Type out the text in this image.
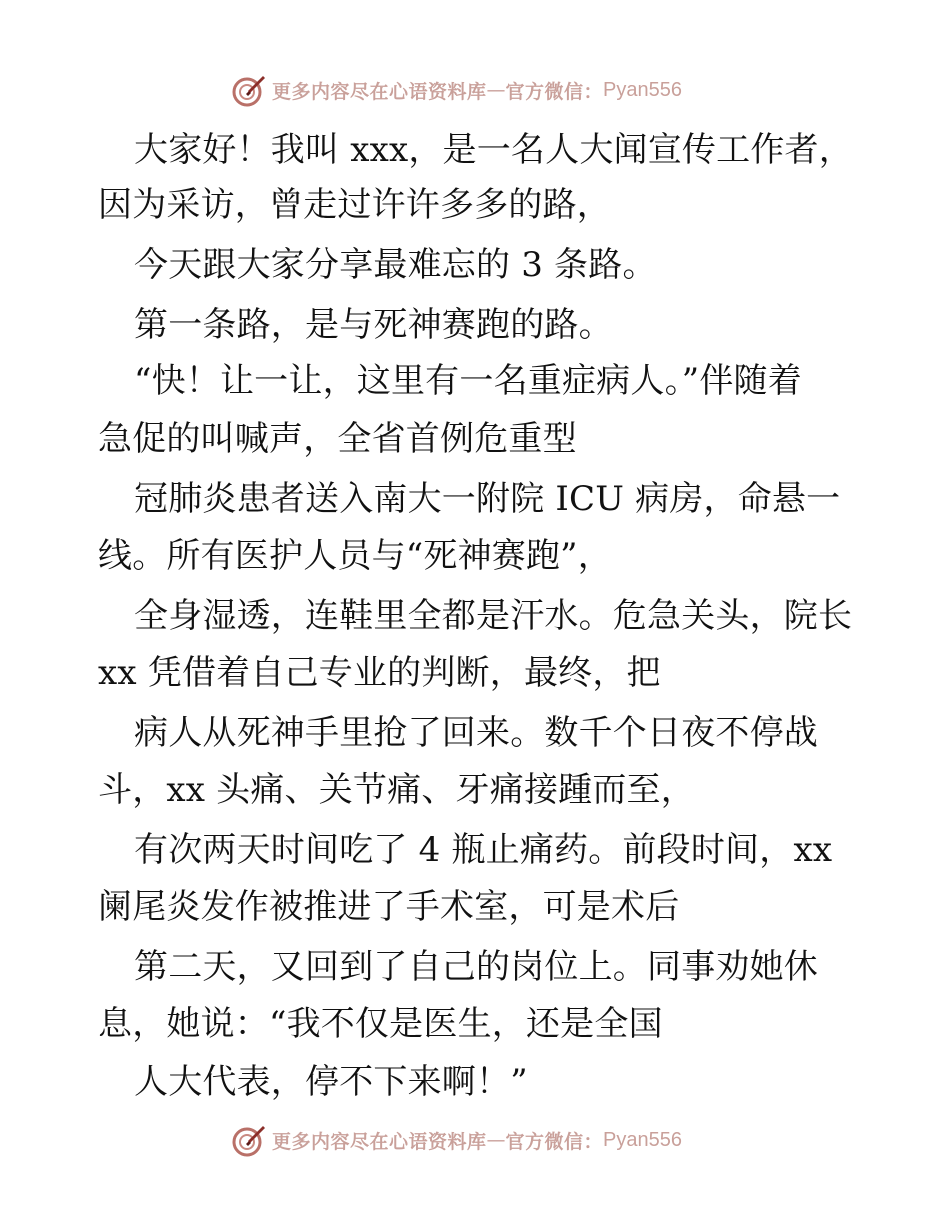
更多内容尽在心语资料库 — 官方微信： Pyan556
大家好！我叫 xxx，是一名人大闻宣传工作者，
因为采访，曾走过许许多多的路，
今天跟大家分享最难忘的 3 条路。
第一条路，是与死神赛跑的路。
“快！让一让，这里有一名重症病人。”伴随着
急促的叫喊声，全省首例危重型
冠肺炎患者送入南大一附院 ICU 病房，命悬一
线。所有医护人员与“死神赛跑”，
全身湿透，连鞋里全都是汗水。危急关头，院长
xx 凭借着自己专业的判断，最终，把
病人从死神手里抢了回来。数千个日夜不停战
斗，xx 头痛、关节痛、牙痛接踵而至，
有次两天时间吃了 4 瓶止痛药。前段时间，xx
阑尾炎发作被推进了手术室，可是术后
第二天，又回到了自己的岗位上。同事劝她休
息，她说：“我不仅是医生，还是全国
人大代表，停不下来啊！”
更多内容尽在心语资料库 — 官方微信： Pyan556
